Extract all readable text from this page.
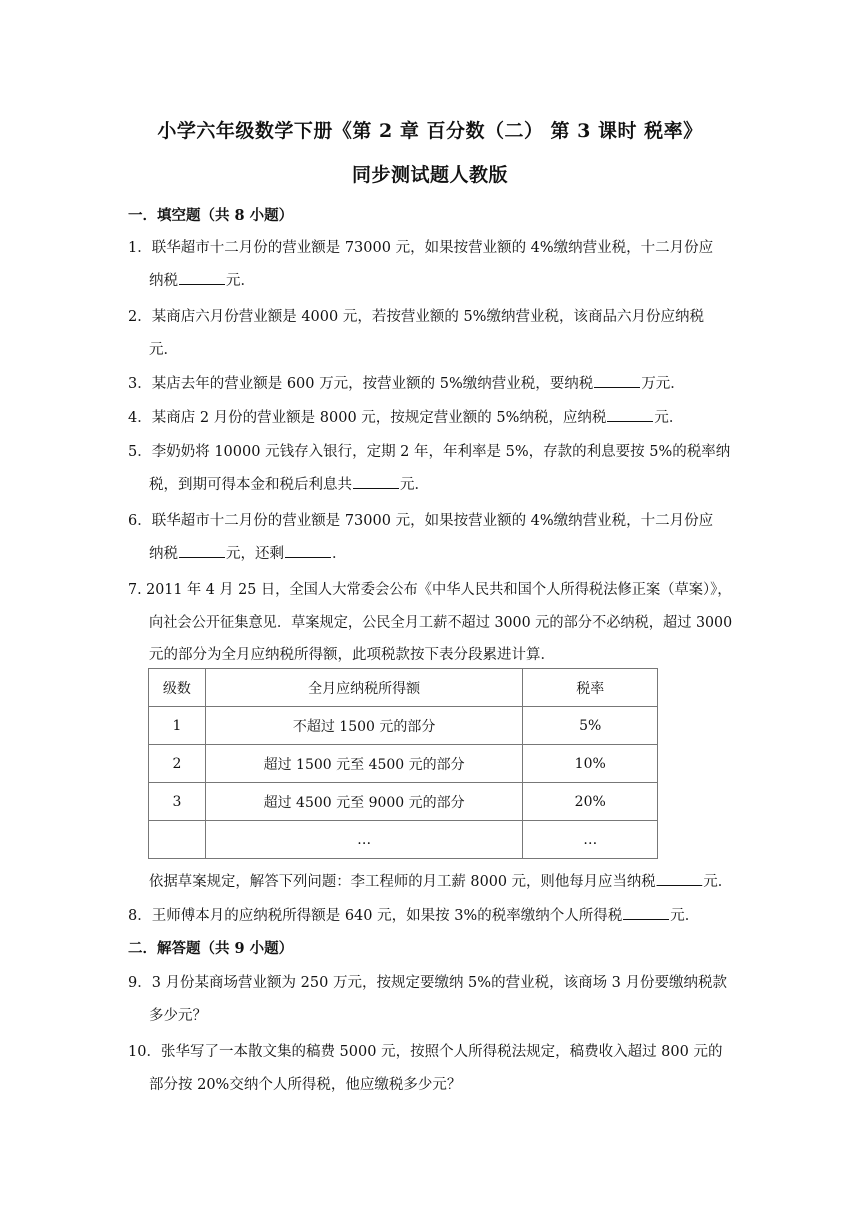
小学六年级数学下册《第 2 章 百分数（二） 第 3 课时 税率》
同步测试题人教版
一．填空题（共 8 小题）
1．联华超市十二月份的营业额是 73000 元，如果按营业额的 4%缴纳营业税，十二月份应
纳税	元．
2．某商店六月份营业额是 4000 元，若按营业额的 5%缴纳营业税，该商品六月份应纳税
元．
3．某店去年的营业额是 600 万元，按营业额的 5%缴纳营业税，要纳税	万元．
4．某商店 2 月份的营业额是 8000 元，按规定营业额的 5%纳税，应纳税	元．
5．李奶奶将 10000 元钱存入银行，定期 2 年，年利率是 5%，存款的利息要按 5%的税率纳
税，到期可得本金和税后利息共	元．
6．联华超市十二月份的营业额是 73000 元，如果按营业额的 4%缴纳营业税，十二月份应
纳税	元，还剩	．
7. 2011 年 4 月 25 日，全国人大常委会公布《中华人民共和国个人所得税法修正案（草案）》，
向社会公开征集意见．草案规定，公民全月工薪不超过 3000 元的部分不必纳税，超过 3000
元的部分为全月应纳税所得额，此项税款按下表分段累进计算．
级数	全月应纳税所得额	税率
1	不超过 1500 元的部分	5%
2	超过 1500 元至 4500 元的部分	10%
3	超过 4500 元至 9000 元的部分	20%
	…	…
依据草案规定，解答下列问题：李工程师的月工薪 8000 元，则他每月应当纳税	元．
8．王师傅本月的应纳税所得额是 640 元，如果按 3%的税率缴纳个人所得税	元．
二．解答题（共 9 小题）
9．3 月份某商场营业额为 250 万元，按规定要缴纳 5%的营业税，该商场 3 月份要缴纳税款
多少元？
10．张华写了一本散文集的稿费 5000 元，按照个人所得税法规定，稿费收入超过 800 元的
部分按 20%交纳个人所得税，他应缴税多少元？
